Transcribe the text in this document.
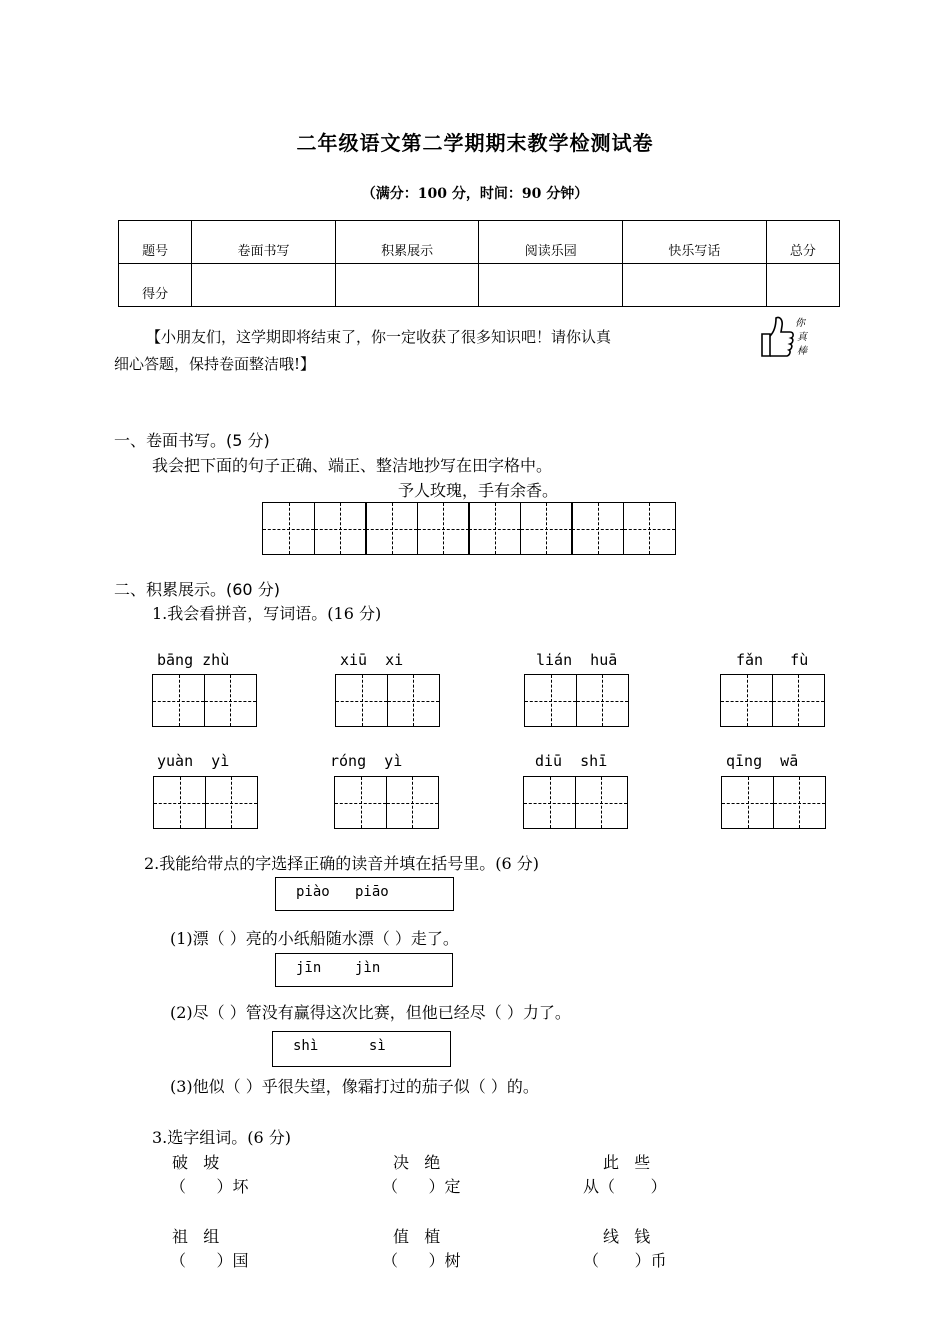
二年级语文第二学期期末教学检测试卷
（满分：100 分，时间：90 分钟）
题号	卷面书写	积累展示	阅读乐园	快乐写话	总分
得分					
【小朋友们，这学期即将结束了，你一定收获了很多知识吧！请你认真
细心答题，保持卷面整洁哦!】
你
真
棒
一、卷面书写。(5 分)
我会把下面的句子正确、端正、整洁地抄写在田字格中。
予人玫瑰，手有余香。
二、积累展示。(60 分)
1.我会看拼音，写词语。(16 分)
bāng zhù	xiū  xi	lián  huā	fǎn   fù
yuàn  yì	róng  yì	diū  shī	qīng  wā
2.我能给带点的字选择正确的读音并填在括号里。(6 分)
piào   piāo
(1)漂（ ）亮的小纸船随水漂（ ）走了。
jīn    jìn
(2)尽（ ）管没有赢得这次比赛，但他已经尽（ ）力了。
shì      sì
(3)他似（ ）乎很失望，像霜打过的茄子似（ ）的。
3.选字组词。(6 分)
破   坡
（      ）坏
决   绝
（      ）定
此   些
从（       ）
祖   组
（      ）国
值   植
（      ）树
线   钱
（       ）币
